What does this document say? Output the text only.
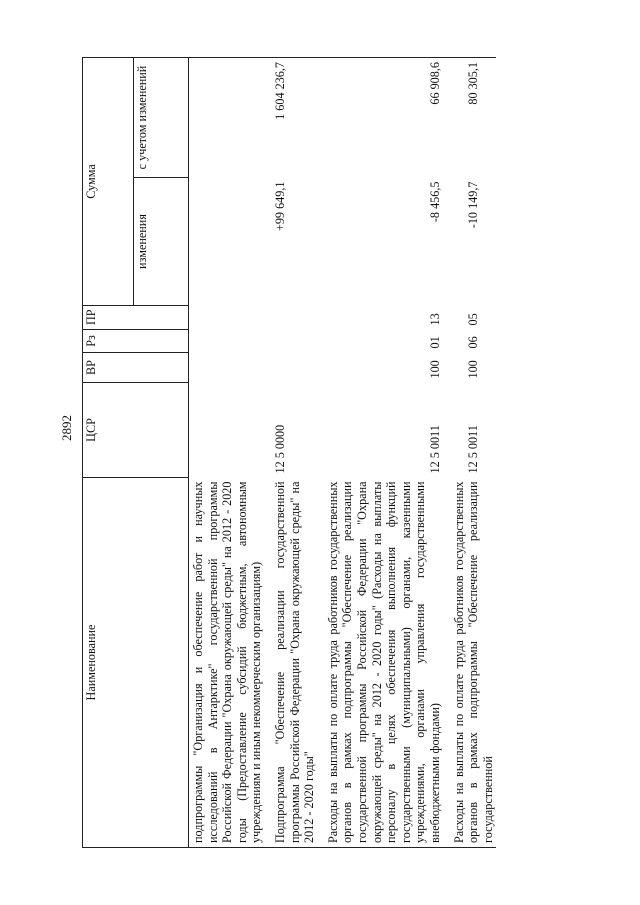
2892
Наименование	ЦСР	ВР	Рз	ПР	Сумма	
					изменения	с учетом изменений
подпрограммы "Организация и обеспечение работ и научных исследований в Антарктике" государственной программы Российской Федерации "Охрана окружающей среды" на 2012 - 2020 годы (Предоставление субсидий бюджетным, автономным учреждениям и иным некоммерческим организациям)						
Подпрограмма "Обеспечение реализации государственной программы Российской Федерации "Охрана окружающей среды" на 2012 - 2020 годы"	12 5 0000				+99 649,1	1 604 236,7
Расходы на выплаты по оплате труда работников государственных органов в рамках подпрограммы "Обеспечение реализации государственной программы Российской Федерации "Охрана окружающей среды" на 2012 - 2020 годы" (Расходы на выплаты персоналу в целях обеспечения выполнения функций государственными (муниципальными) органами, казенными учреждениями, органами управления государственными внебюджетными фондами)	12 5 0011	100	01	13	-8 456,5	66 908,6
Расходы на выплаты по оплате труда работников государственных органов в рамках подпрограммы "Обеспечение реализации государственной	12 5 0011	100	06	05	-10 149,7	80 305,1
